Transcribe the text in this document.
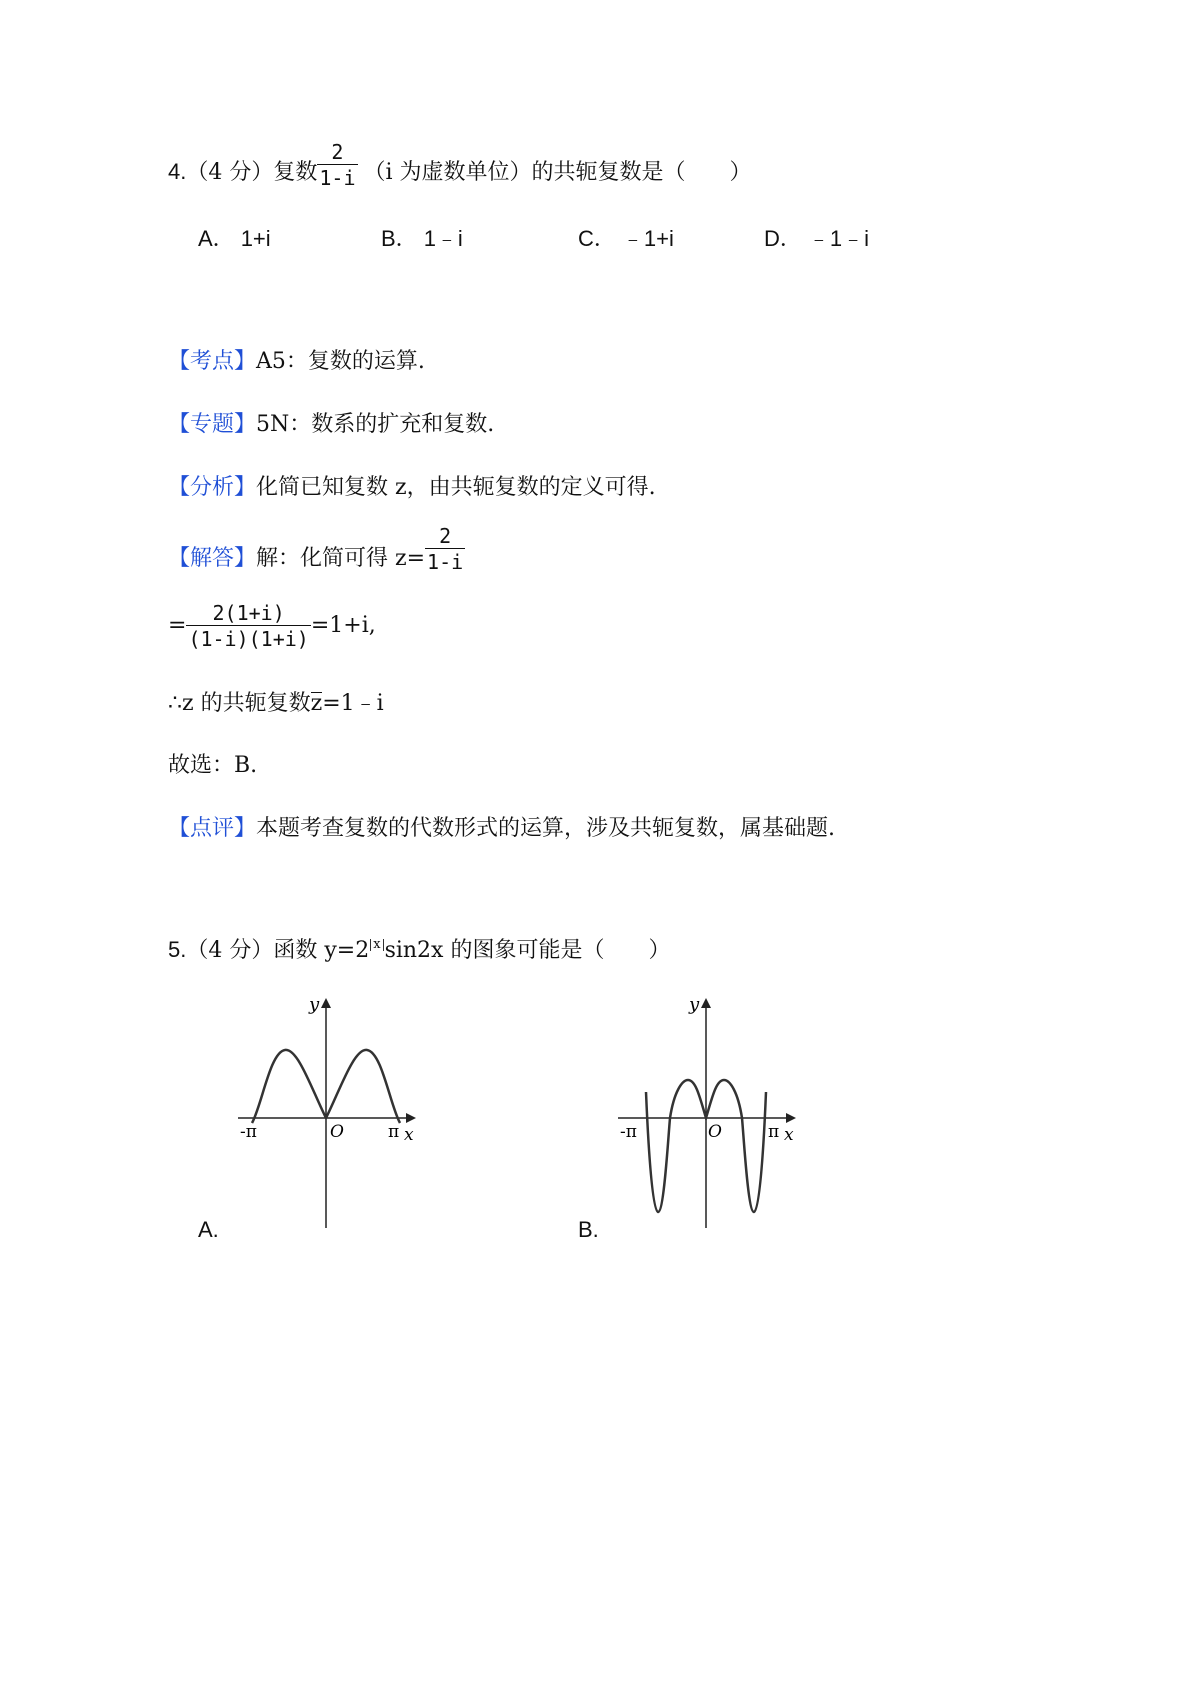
4.（4 分）复数 $\frac{2}{1-i} (i$ 为虚数单位）的共轭复数是（　　）
A． 1+i	B． 1﹣i	C． ﹣1+i	D． ﹣1﹣i
【考点】A5：复数的运算.
【专题】5N：数系的扩充和复数.
【分析】化简已知复数 z，由共轭复数的定义可得.
【解答】解：化简可得 $z= \frac{2}{1-i}$
= $\frac{2(1+i)}{(1-i)(1+i)} =1+i$,
∴z 的共轭复数z=1﹣i
故选：B.
【点评】本题考查复数的代数形式的运算，涉及共轭复数，属基础题.
5.（4 分）函数 y=2 x sin2x 的图象可能是（　　）
y
-π	O	π x
A.
y
-π	O	π x
B.
